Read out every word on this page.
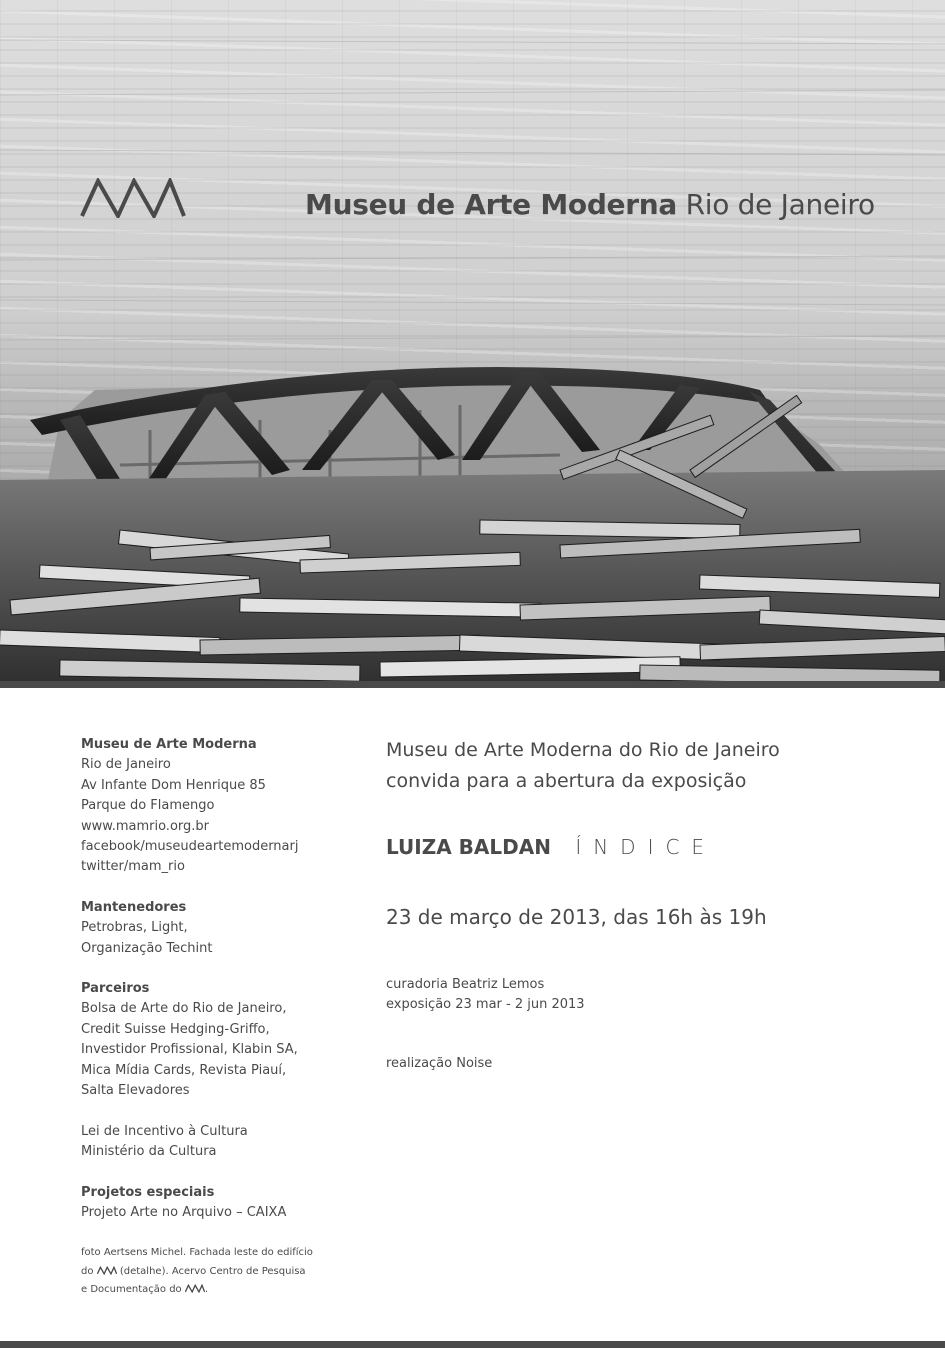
Museu de Arte Moderna Rio de Janeiro
Museu de Arte Moderna
Rio de Janeiro
Av Infante Dom Henrique 85
Parque do Flamengo
www.mamrio.org.br
facebook/museudeartemodernarj
twitter/mam_rio
Mantenedores
Petrobras, Light,
Organização Techint
Parceiros
Bolsa de Arte do Rio de Janeiro,
Credit Suisse Hedging-Griffo,
Investidor Profissional, Klabin SA,
Mica Mídia Cards, Revista Piauí,
Salta Elevadores
Lei de Incentivo à Cultura
Ministério da Cultura
Projetos especiais
Projeto Arte no Arquivo – CAIXA
foto Aertsens Michel. Fachada leste do edifício
do	(detalhe). Acervo Centro de Pesquisa
e Documentação do .
Museu de Arte Moderna do Rio de Janeiro
convida para a abertura da exposição
LUIZA BALDAN ÍNDICE
23 de março de 2013, das 16h às 19h
curadoria Beatriz Lemos
exposição 23 mar - 2 jun 2013
realização Noise
